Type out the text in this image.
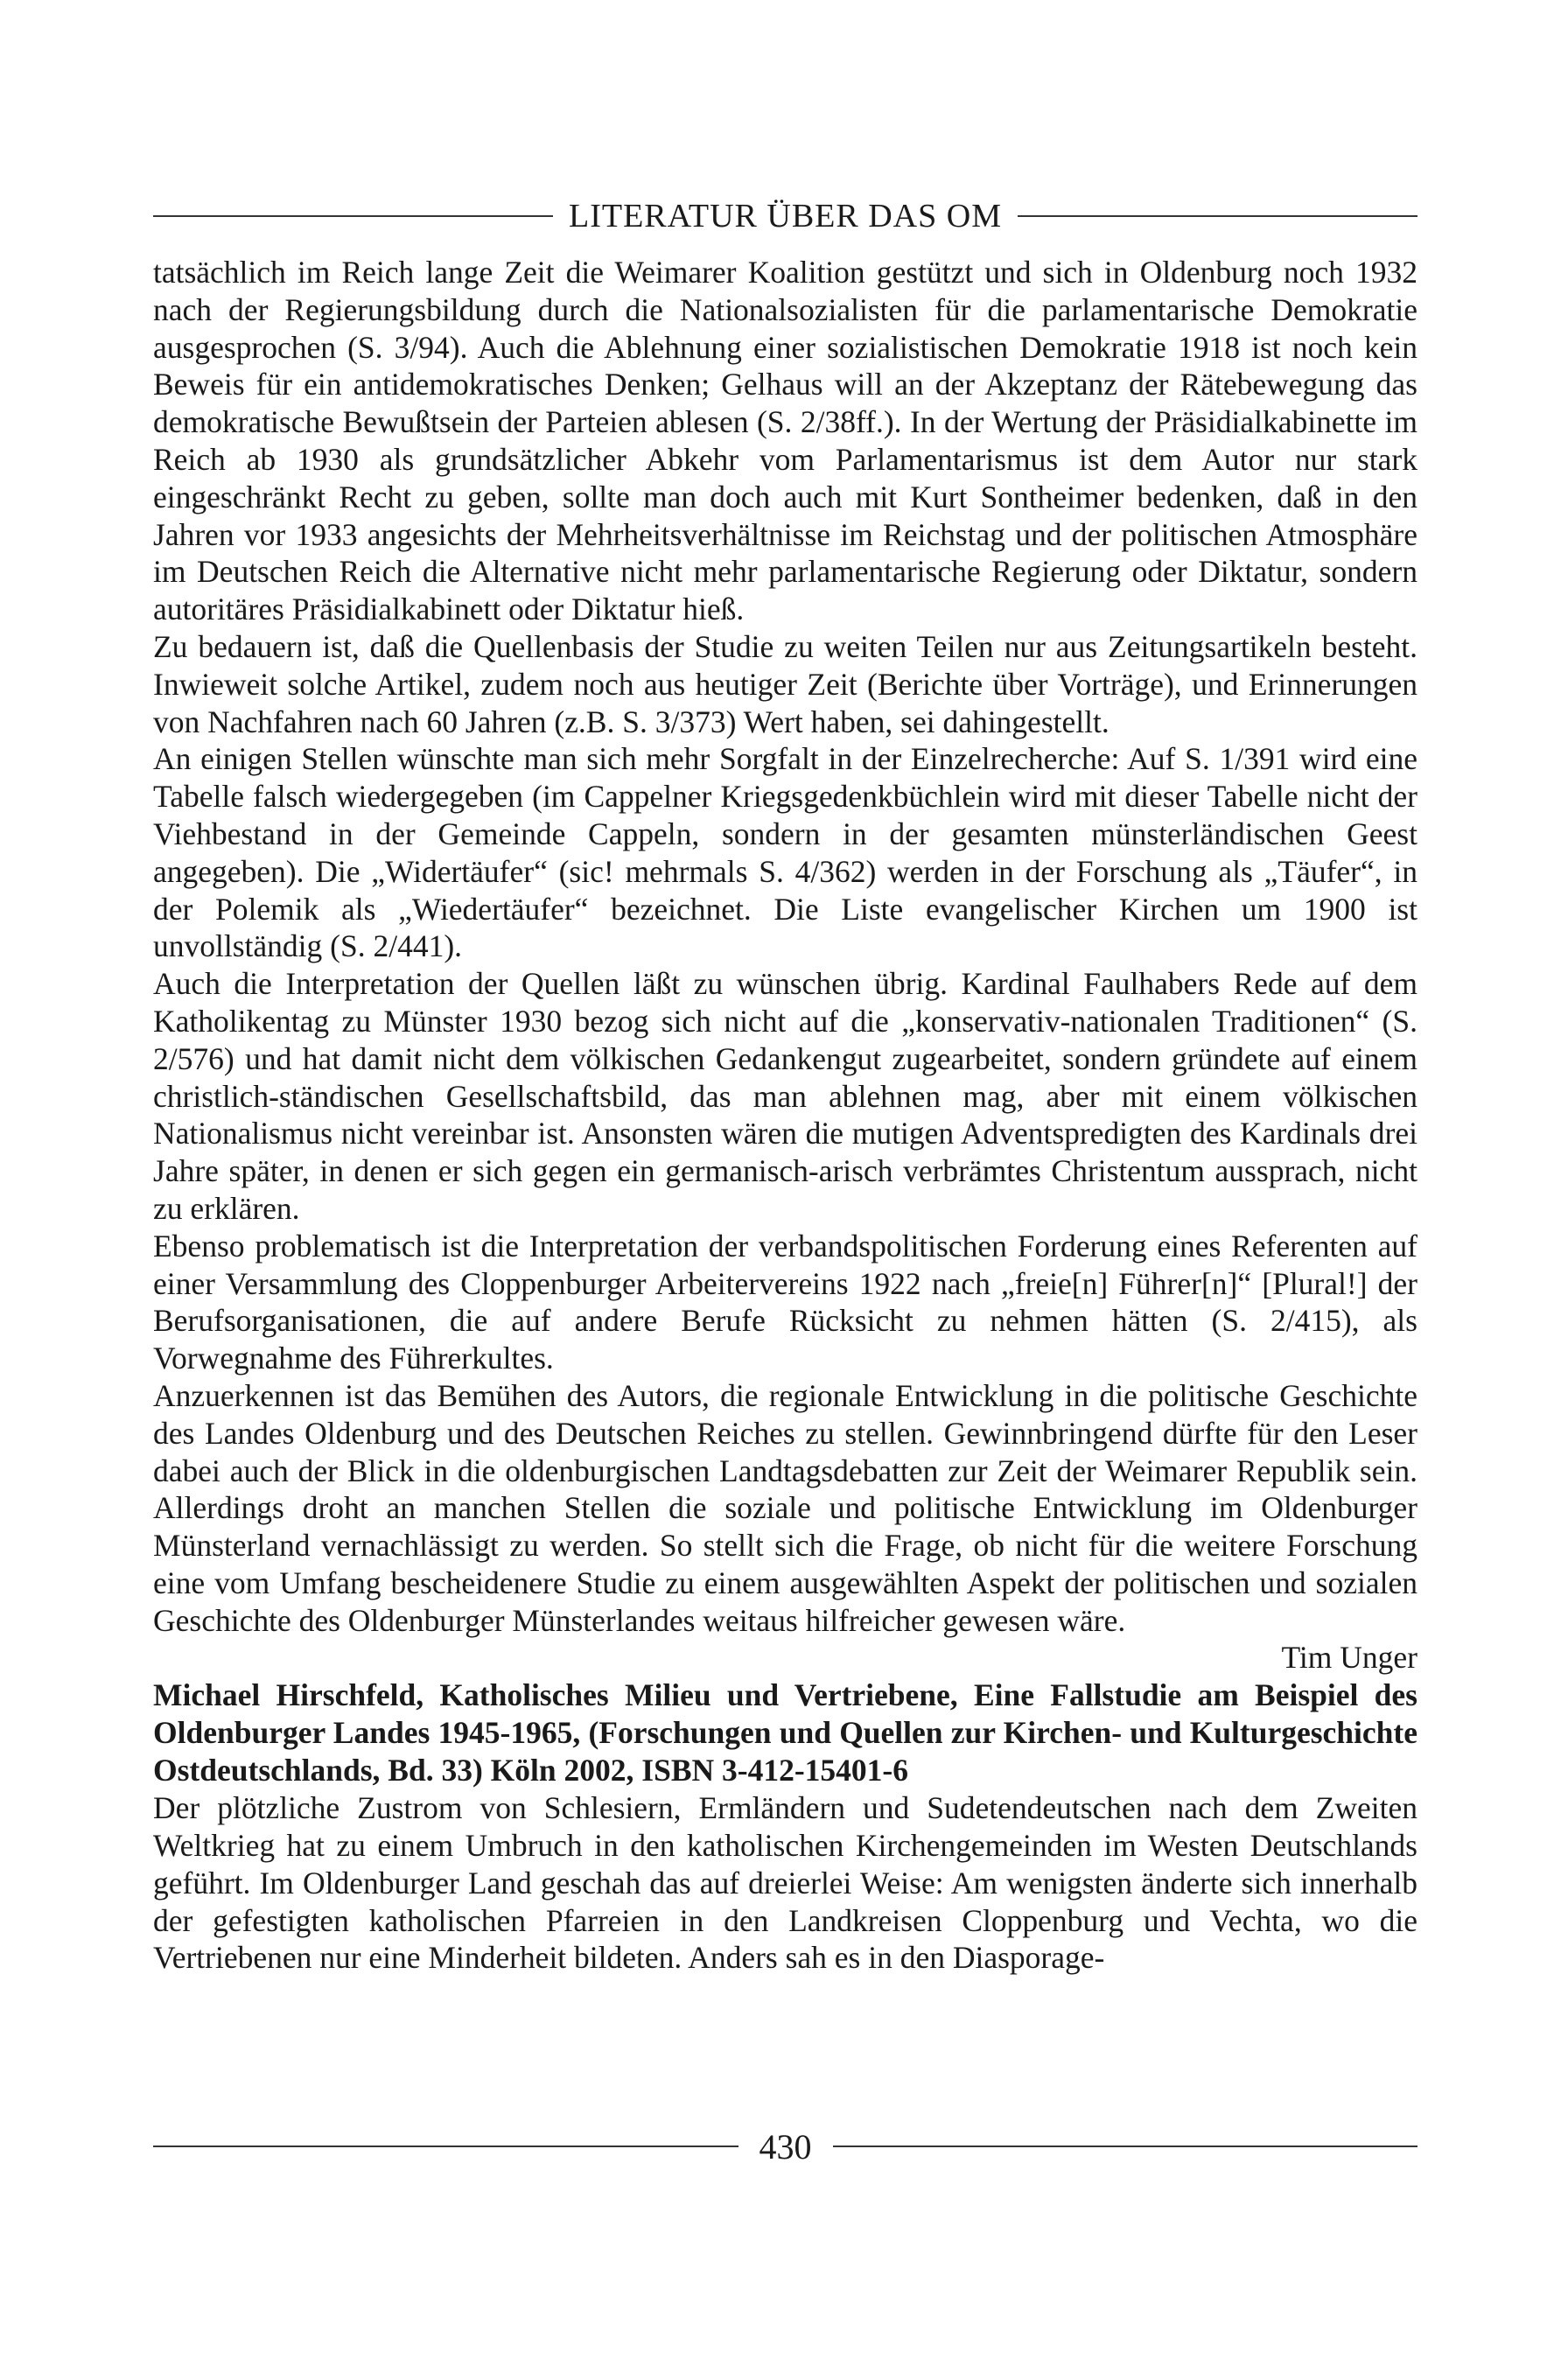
LITERATUR ÜBER DAS OM

tatsächlich im Reich lange Zeit die Weimarer Koalition gestützt und sich in Oldenburg noch 1932 nach der Regierungsbildung durch die Nationalsozialisten für die parlamentarische Demokratie ausgesprochen (S. 3/94). Auch die Ablehnung einer sozialistischen Demokratie 1918 ist noch kein Beweis für ein antidemokratisches Denken; Gelhaus will an der Akzeptanz der Rätebewegung das demokratische Bewußtsein der Parteien ablesen (S. 2/38ff.). In der Wertung der Präsidialkabinette im Reich ab 1930 als grundsätzlicher Abkehr vom Parlamentarismus ist dem Autor nur stark eingeschränkt Recht zu geben, sollte man doch auch mit Kurt Sontheimer bedenken, daß in den Jahren vor 1933 angesichts der Mehrheitsverhältnisse im Reichstag und der politischen Atmosphäre im Deutschen Reich die Alternative nicht mehr parlamentarische Regierung oder Diktatur, sondern autoritäres Präsidialkabinett oder Diktatur hieß.

Zu bedauern ist, daß die Quellenbasis der Studie zu weiten Teilen nur aus Zeitungsartikeln besteht. Inwieweit solche Artikel, zudem noch aus heutiger Zeit (Berichte über Vorträge), und Erinnerungen von Nachfahren nach 60 Jahren (z.B. S. 3/373) Wert haben, sei dahingestellt.

An einigen Stellen wünschte man sich mehr Sorgfalt in der Einzelrecherche: Auf S. 1/391 wird eine Tabelle falsch wiedergegeben (im Cappelner Kriegsgedenkbüchlein wird mit dieser Tabelle nicht der Viehbestand in der Gemeinde Cappeln, sondern in der gesamten münsterländischen Geest angegeben). Die „Widertäufer“ (sic! mehrmals S. 4/362) werden in der Forschung als „Täufer“, in der Polemik als „Wiedertäufer“ bezeichnet. Die Liste evangelischer Kirchen um 1900 ist unvollständig (S. 2/441).

Auch die Interpretation der Quellen läßt zu wünschen übrig. Kardinal Faulhabers Rede auf dem Katholikentag zu Münster 1930 bezog sich nicht auf die „konservativ-nationalen Traditionen“ (S. 2/576) und hat damit nicht dem völkischen Gedankengut zugearbeitet, sondern gründete auf einem christlich-ständischen Gesellschaftsbild, das man ablehnen mag, aber mit einem völkischen Nationalismus nicht vereinbar ist. Ansonsten wären die mutigen Adventspredigten des Kardinals drei Jahre später, in denen er sich gegen ein germanisch-arisch verbrämtes Christentum aussprach, nicht zu erklären.

Ebenso problematisch ist die Interpretation der verbandspolitischen Forderung eines Referenten auf einer Versammlung des Cloppenburger Arbeitervereins 1922 nach „freie[n] Führer[n]“ [Plural!] der Berufsorganisationen, die auf andere Berufe Rücksicht zu nehmen hätten (S. 2/415), als Vorwegnahme des Führerkultes.

Anzuerkennen ist das Bemühen des Autors, die regionale Entwicklung in die politische Geschichte des Landes Oldenburg und des Deutschen Reiches zu stellen. Gewinnbringend dürfte für den Leser dabei auch der Blick in die oldenburgischen Landtagsdebatten zur Zeit der Weimarer Republik sein. Allerdings droht an manchen Stellen die soziale und politische Entwicklung im Oldenburger Münsterland vernachlässigt zu werden. So stellt sich die Frage, ob nicht für die weitere Forschung eine vom Umfang bescheidenere Studie zu einem ausgewählten Aspekt der politischen und sozialen Geschichte des Oldenburger Münsterlandes weitaus hilfreicher gewesen wäre.

Tim Unger

Michael Hirschfeld, Katholisches Milieu und Vertriebene, Eine Fallstudie am Beispiel des Oldenburger Landes 1945-1965, (Forschungen und Quellen zur Kirchen- und Kulturgeschichte Ostdeutschlands, Bd. 33) Köln 2002, ISBN 3-412-15401-6

Der plötzliche Zustrom von Schlesiern, Ermländern und Sudetendeutschen nach dem Zweiten Weltkrieg hat zu einem Umbruch in den katholischen Kirchengemeinden im Westen Deutschlands geführt. Im Oldenburger Land geschah das auf dreierlei Weise: Am wenigsten änderte sich innerhalb der gefestigten katholischen Pfarreien in den Landkreisen Cloppenburg und Vechta, wo die Vertriebenen nur eine Minderheit bildeten. Anders sah es in den Diasporage-

430
